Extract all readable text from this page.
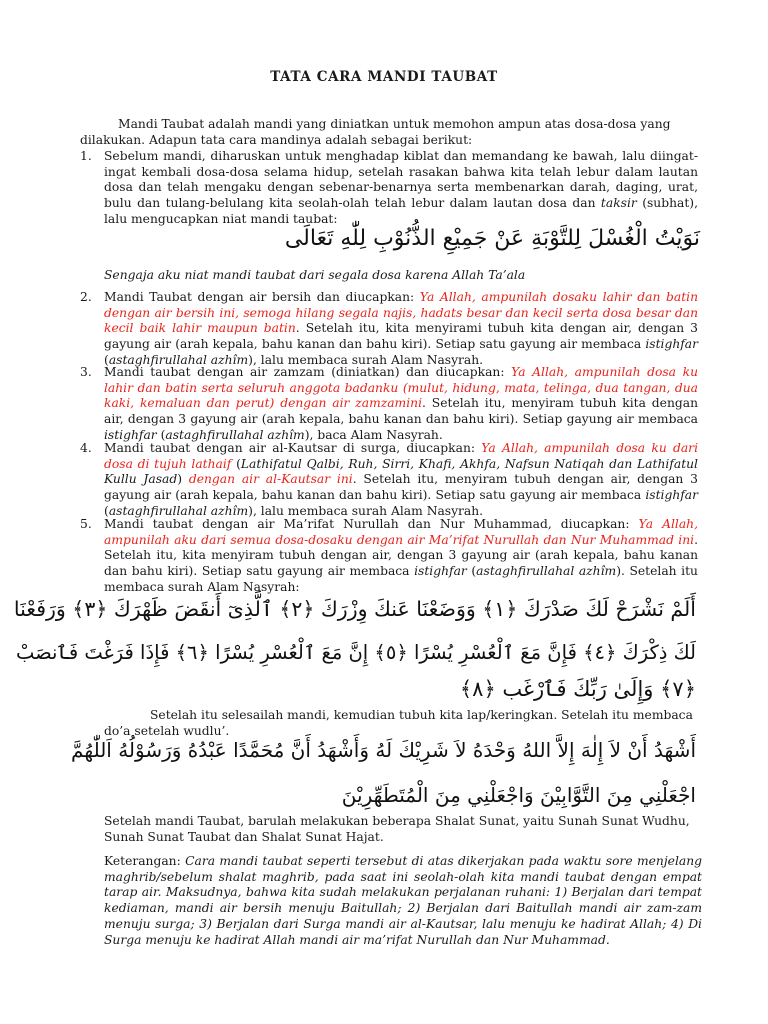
TATA CARA MANDI TAUBAT
Mandi Taubat adalah mandi yang diniatkan untuk memohon ampun atas dosa-dosa yang dilakukan. Adapun tata cara mandinya adalah sebagai berikut:
1. Sebelum mandi, diharuskan untuk menghadap kiblat dan memandang ke bawah, lalu diingat-ingat kembali dosa-dosa selama hidup, setelah rasakan bahwa kita telah lebur dalam lautan dosa dan telah mengaku dengan sebenar-benarnya serta membenarkan darah, daging, urat, bulu dan tulang-belulang kita seolah-olah telah lebur dalam lautan dosa dan taksir (subhat), lalu mengucapkan niat mandi taubat:
نَوَيْتُ الْغُسْلَ لِلتَّوْبَةِ عَنْ جَمِيْعِ الذُّنُوْبِ لِلّٰهِ تَعَالَى
Sengaja aku niat mandi taubat dari segala dosa karena Allah Ta’ala
2. Mandi Taubat dengan air bersih dan diucapkan: Ya Allah, ampunilah dosaku lahir dan batin dengan air bersih ini, semoga hilang segala najis, hadats besar dan kecil serta dosa besar dan kecil baik lahir maupun batin. Setelah itu, kita menyirami tubuh kita dengan air, dengan 3 gayung air (arah kepala, bahu kanan dan bahu kiri). Setiap satu gayung air membaca istighfar (astaghfirullahal azhîm), lalu membaca surah Alam Nasyrah.
3. Mandi taubat dengan air zamzam (diniatkan) dan diucapkan: Ya Allah, ampunilah dosa ku lahir dan batin serta seluruh anggota badanku (mulut, hidung, mata, telinga, dua tangan, dua kaki, kemaluan dan perut) dengan air zamzamini. Setelah itu, menyiram tubuh kita dengan air, dengan 3 gayung air (arah kepala, bahu kanan dan bahu kiri). Setiap gayung air membaca istighfar (astaghfirullahal azhîm), baca Alam Nasyrah.
4. Mandi taubat dengan air al-Kautsar di surga, diucapkan: Ya Allah, ampunilah dosa ku dari dosa di tujuh lathaif (Lathifatul Qalbi, Ruh, Sirri, Khafi, Akhfa, Nafsun Natiqah dan Lathifatul Kullu Jasad) dengan air al-Kautsar ini. Setelah itu, menyiram tubuh dengan air, dengan 3 gayung air (arah kepala, bahu kanan dan bahu kiri). Setiap satu gayung air membaca istighfar (astaghfirullahal azhîm), lalu membaca surah Alam Nasyrah.
5. Mandi taubat dengan air Ma’rifat Nurullah dan Nur Muhammad, diucapkan: Ya Allah, ampunilah aku dari semua dosa-dosaku dengan air Ma’rifat Nurullah dan Nur Muhammad ini. Setelah itu, kita menyiram tubuh dengan air, dengan 3 gayung air (arah kepala, bahu kanan dan bahu kiri). Setiap satu gayung air membaca istighfar (astaghfirullahal azhîm). Setelah itu membaca surah Alam Nasyrah:
أَلَمْ نَشْرَحْ لَكَ صَدْرَكَ ﴿١﴾ وَوَضَعْنَا عَنكَ وِزْرَكَ ﴿٢﴾ ٱلَّذِىٓ أَنقَضَ ظَهْرَكَ ﴿٣﴾ وَرَفَعْنَا
لَكَ ذِكْرَكَ ﴿٤﴾ فَإِنَّ مَعَ ٱلْعُسْرِ يُسْرًا ﴿٥﴾ إِنَّ مَعَ ٱلْعُسْرِ يُسْرًا ﴿٦﴾ فَإِذَا فَرَغْتَ فَٱنصَبْ
﴿٧﴾ وَإِلَىٰ رَبِّكَ فَٱرْغَب ﴿٨﴾
Setelah itu selesailah mandi, kemudian tubuh kita lap/keringkan. Setelah itu membaca do’a setelah wudlu’.
أَشْهَدُ أَنْ لاَ إِلٰهَ إِلاَّ اللهُ وَحْدَهُ لاَ شَرِيْكَ لَهُ وَأَشْهَدُ أَنَّ مُحَمَّدًا عَبْدُهُ وَرَسُوْلُهُ اَللّٰهُمَّ
اجْعَلْنِي مِنَ التَّوَّابِيْنَ وَاجْعَلْنِي مِنَ الْمُتَطَهِّرِيْنَ
Setelah mandi Taubat, barulah melakukan beberapa Shalat Sunat, yaitu Sunah Sunat Wudhu, Sunah Sunat Taubat dan Shalat Sunat Hajat.
Keterangan: Cara mandi taubat seperti tersebut di atas dikerjakan pada waktu sore menjelang maghrib/sebelum shalat maghrib, pada saat ini seolah-olah kita mandi taubat dengan empat tarap air. Maksudnya, bahwa kita sudah melakukan perjalanan ruhani: 1) Berjalan dari tempat kediaman, mandi air bersih menuju Baitullah; 2) Berjalan dari Baitullah mandi air zam-zam menuju surga; 3) Berjalan dari Surga mandi air al-Kautsar, lalu menuju ke hadirat Allah; 4) Di Surga menuju ke hadirat Allah mandi air ma’rifat Nurullah dan Nur Muhammad.
